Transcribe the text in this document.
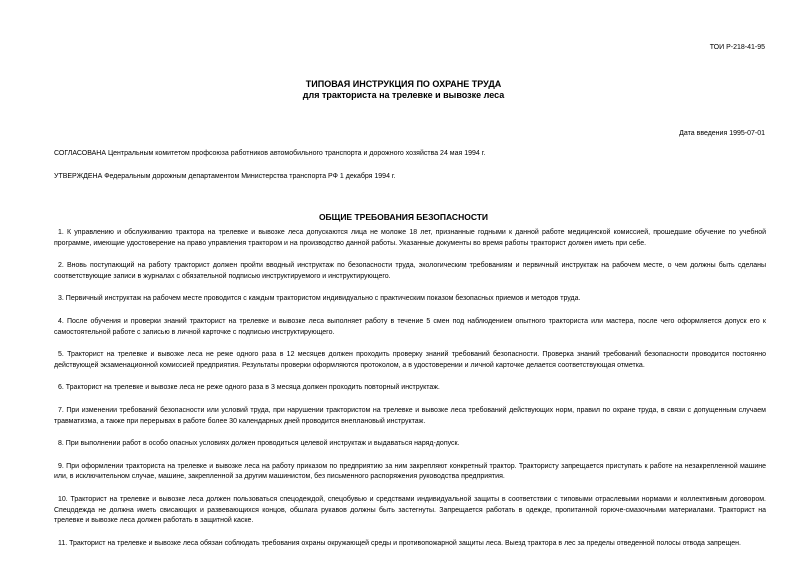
ТОИ Р-218-41-95
ТИПОВАЯ ИНСТРУКЦИЯ ПО ОХРАНЕ ТРУДА
для тракториста на трелевке и вывозке леса
Дата введения 1995-07-01
СОГЛАСОВАНА Центральным комитетом профсоюза работников автомобильного транспорта и дорожного хозяйства 24 мая 1994 г.
УТВЕРЖДЕНА Федеральным дорожным департаментом Министерства транспорта РФ 1 декабря 1994 г.
ОБЩИЕ ТРЕБОВАНИЯ БЕЗОПАСНОСТИ

1. К управлению и обслуживанию трактора на трелевке и вывозке леса допускаются лица не моложе 18 лет, признанные годными к данной работе медицинской комиссией, прошедшие обучение по учебной программе, имеющие удостоверение на право управления трактором и на производство данной работы. Указанные документы во время работы тракторист должен иметь при себе.

2. Вновь поступающий на работу тракторист должен пройти вводный инструктаж по безопасности труда, экологическим требованиям и первичный инструктаж на рабочем месте, о чем должны быть сделаны соответствующие записи в журналах с обязательной подписью инструктируемого и инструктирующего.

3. Первичный инструктаж на рабочем месте проводится с каждым трактористом индивидуально с практическим показом безопасных приемов и методов труда.

4. После обучения и проверки знаний тракторист на трелевке и вывозке леса выполняет работу в течение 5 смен под наблюдением опытного тракториста или мастера, после чего оформляется допуск его к самостоятельной работе с записью в личной карточке с подписью инструктирующего.

5. Тракторист на трелевке и вывозке леса не реже одного раза в 12 месяцев должен проходить проверку знаний требований безопасности. Проверка знаний требований безопасности проводится постоянно действующей экзаменационной комиссией предприятия. Результаты проверки оформляются протоколом, а в удостоверении и личной карточке делается соответствующая отметка.

6. Тракторист на трелевке и вывозке леса не реже одного раза в 3 месяца должен проходить повторный инструктаж.

7. При изменении требований безопасности или условий труда, при нарушении трактористом на трелевке и вывозке леса требований действующих норм, правил по охране труда, в связи с допущенным случаем травматизма, а также при перерывах в работе более 30 календарных дней проводится внеплановый инструктаж.

8. При выполнении работ в особо опасных условиях должен проводиться целевой инструктаж и выдаваться наряд-допуск.

9. При оформлении тракториста на трелевке и вывозке леса на работу приказом по предприятию за ним закрепляют конкретный трактор. Трактористу запрещается приступать к работе на незакрепленной машине или, в исключительном случае, машине, закрепленной за другим машинистом, без письменного распоряжения руководства предприятия.

10. Тракторист на трелевке и вывозке леса должен пользоваться спецодеждой, спецобувью и средствами индивидуальной защиты в соответствии с типовыми отраслевыми нормами и коллективным договором. Спецодежда не должна иметь свисающих и развевающихся концов, обшлага рукавов должны быть застегнуты. Запрещается работать в одежде, пропитанной горюче-смазочными материалами. Тракторист на трелевке и вывозке леса должен работать в защитной каске.

11. Тракторист на трелевке и вывозке леса обязан соблюдать требования охраны окружающей среды и противопожарной защиты леса. Выезд трактора в лес за пределы отведенной полосы отвода запрещен.
